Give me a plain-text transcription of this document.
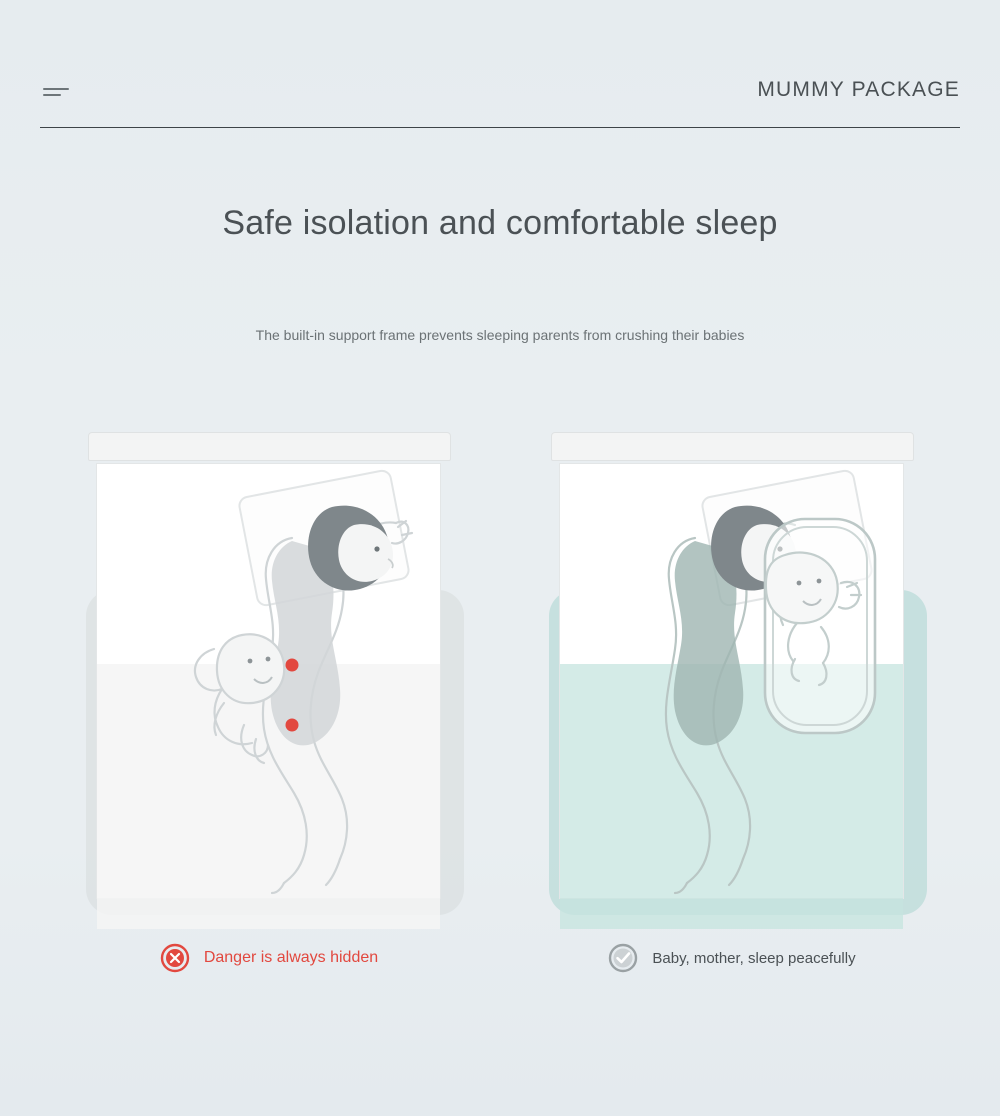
MUMMY PACKAGE
Safe isolation and comfortable sleep
The built-in support frame prevents sleeping parents from crushing their babies
Danger is always hidden	Baby, mother, sleep peacefully
